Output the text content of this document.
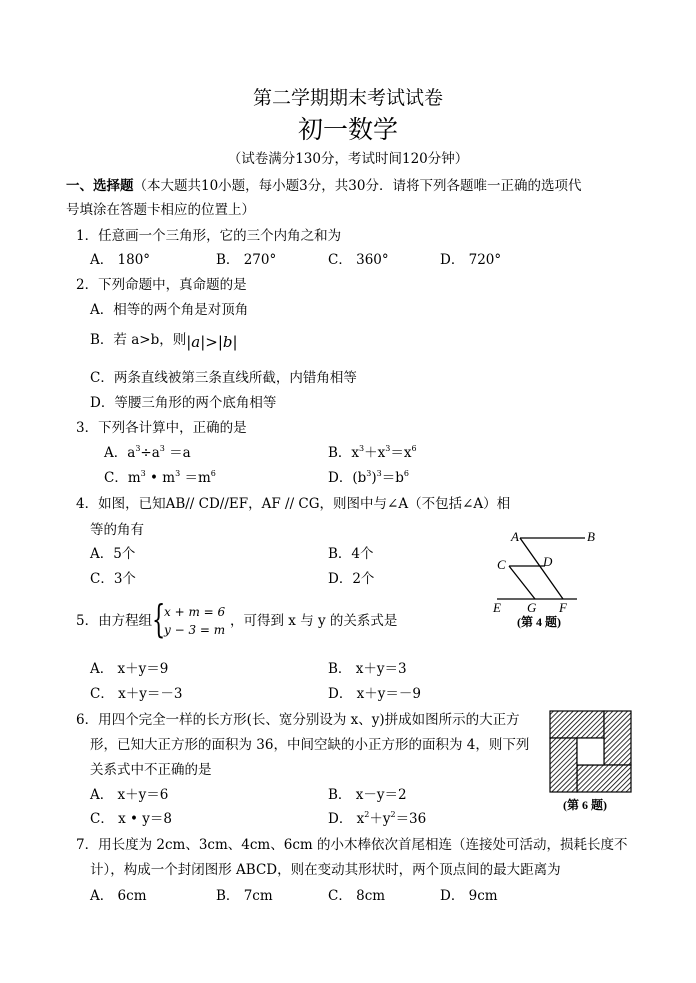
第二学期期末考试试卷
初一数学
（试卷满分130分，考试时间120分钟）
一、选择题（本大题共10小题，每小题3分，共30分．请将下列各题唯一正确的选项代
号填涂在答题卡相应的位置上）
1．任意画一个三角形，它的三个内角之和为
A． 180°	B． 270°	C． 360°	D． 720°
2．下列命题中，真命题的是
A．相等的两个角是对顶角
B．若 a>b，则|a|>|b|
C．两条直线被第三条直线所截，内错角相等
D．等腰三角形的两个底角相等
3．下列各计算中，正确的是
A．$a^3\div a^3 =a$	B．$x^3+x^3=x^6$
C．$m^3$ • $m^3 =m^6$	D．$(b^3)^3=b^6$
4．如图，已知AB// CD//EF，AF // CG，则图中与∠A（不包括∠A）相
等的角有
A．5个	B．4个
C．3个	D．2个
A	B
C	D
E G F
(第 4 题)
5．由方程组 {
x + m = 6
y − 3 = m
，可得到 x 与 y 的关系式是
A． x＋y＝9	B． x＋y＝3
C． x＋y＝－3	D． x＋y＝－9
6．用四个完全一样的长方形(长、宽分别设为 x、y)拼成如图所示的大正方
形，已知大正方形的面积为 36，中间空缺的小正方形的面积为 4，则下列
关系式中不正确的是
A． x＋y＝6	B． x－y＝2
C． x • y＝8	D． $x^2+y^2=36$
(第 6 题)
7．用长度为 2cm、3cm、4cm、6cm 的小木棒依次首尾相连（连接处可活动，损耗长度不
计），构成一个封闭图形 ABCD，则在变动其形状时，两个顶点间的最大距离为
A． 6cm	B． 7cm	C． 8cm	D． 9cm
